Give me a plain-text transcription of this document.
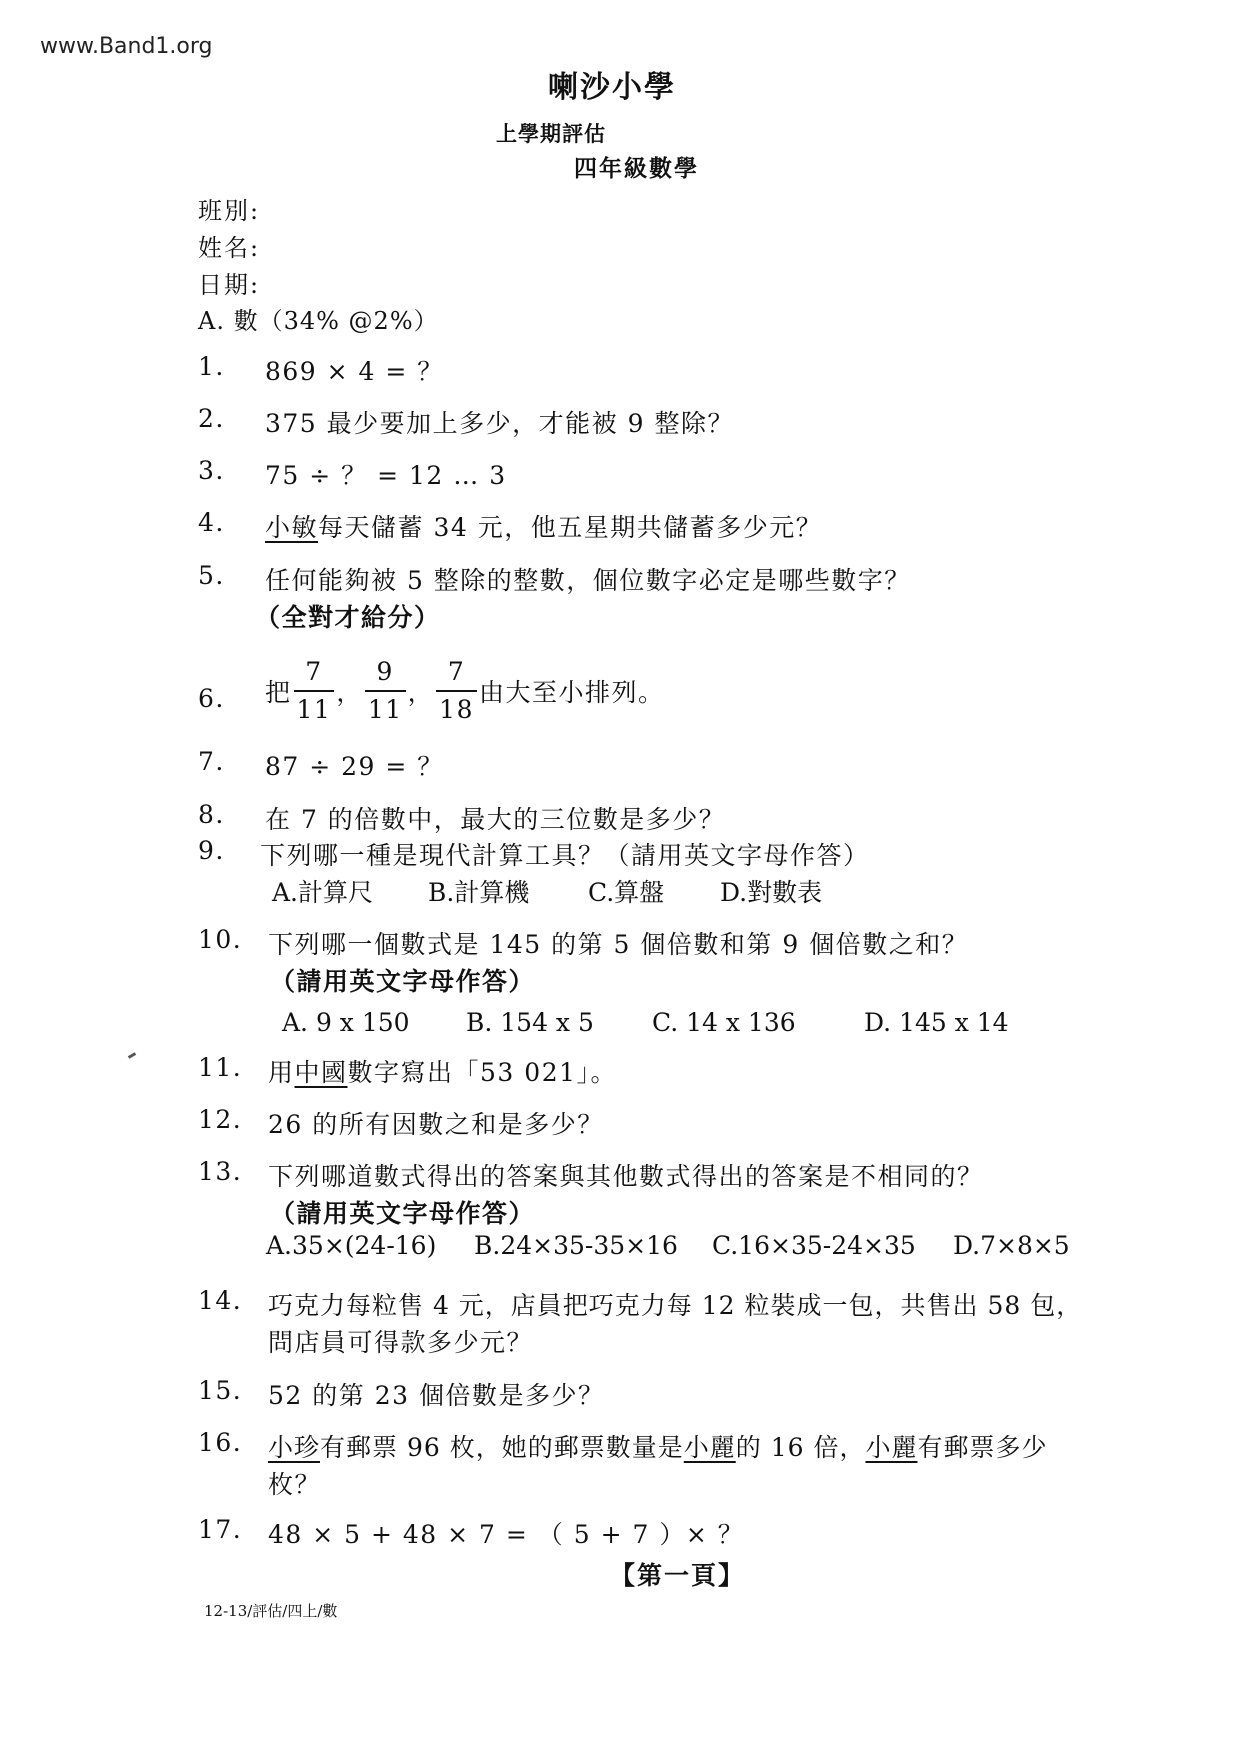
www.Band1.org
喇沙小學
上學期評估
四年級數學
班別:
姓名:
日期:
A. 數（34% @2%）
1. 869 × 4 = ？
2. 375 最少要加上多少，才能被 9 整除？
3. 75 ÷ ？ = 12 … 3
4. 小敏每天儲蓄 34 元，他五星期共儲蓄多少元？
5. 任何能夠被 5 整除的整數，個位數字必定是哪些數字？
（全對才給分）
6. 把 $\frac{7}{11}$ ， $\frac{9}{11}$ ， $\frac{7}{18}$ 由大至小排列。
7. 87 ÷ 29 = ？
8. 在 7 的倍數中，最大的三位數是多少？
9. 下列哪一種是現代計算工具？（請用英文字母作答）
A.計算尺 B.計算機 C.算盤 D.對數表
10. 下列哪一個數式是 145 的第 5 個倍數和第 9 個倍數之和？
（請用英文字母作答）
A. 9 x 150 B. 154 x 5 C. 14 x 136	D. 145 x 14
11. 用中國數字寫出「53 021」。
12. 26 的所有因數之和是多少？
13. 下列哪道數式得出的答案與其他數式得出的答案是不相同的？
（請用英文字母作答）
A.35×(24-16) B.24×35-35×16 C.16×35-24×35 D.7×8×5
14. 巧克力每粒售 4 元，店員把巧克力每 12 粒裝成一包，共售出 58 包，
問店員可得款多少元？
15. 52 的第 23 個倍數是多少？
16. 小珍有郵票 96 枚，她的郵票數量是小麗的 16 倍，小麗有郵票多少
枚？
17. 48 × 5 + 48 × 7 = （ 5 + 7 ）× ？
【第一頁】
12-13/評估/四上/數
